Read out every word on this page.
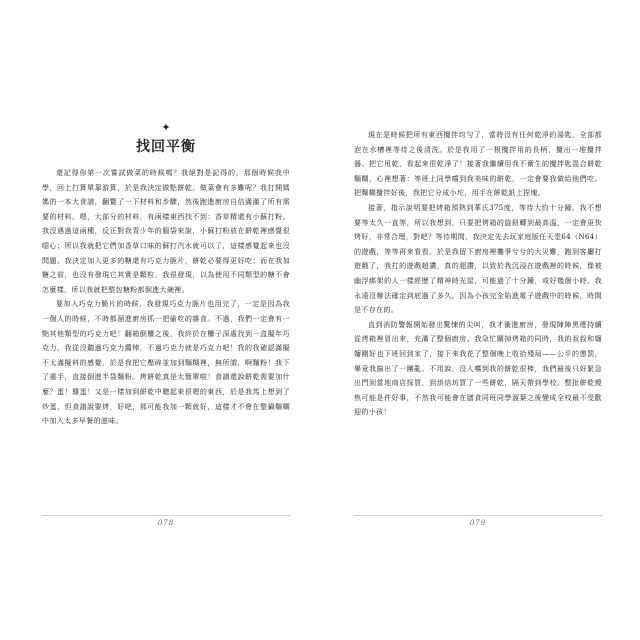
✦
找回平衡

還記得你第一次嘗試做菜的時候嗎？我絕對是記得的，那個時候我中學，回上打算單靠游算，於是我決定做點餅乾。做菜會有多難呢？我打開媽媽的一本大食譜，翻覽了一下材料和步驟，然後跑進廚房自信滿滿了所有需要的材料。嗯，大部分的材料，有兩樣東西找不到：香草精還有小蘇打粉。我沒遇過這兩種，反正對我青少年的腦袋來說，小蘇打粉放在餅乾裡感覺很噁心；所以我就把它們加香草口味的蘇打汽水就可以了，這樣感覺起來也沒問題。我決定加入更多的糖還有巧克力脆片，餅乾必要得更好吃；而在我加糖之前，也沒有發現它其實是顆粒，我很發現，以為使用不同類型的糖不會怎麼樣，所以我就把整包糖粉都倒進大碗裡。

要加入巧克力脆片的時候，我發現巧克力脆片也用完了，一定是因為我一個人的時候，不時都溜進廚房抓一把偷吃的雜食。不過，我們一定會有一點其他類型的巧克力吧！翻箱倒櫃之後，我終於在櫃子深處找到一盒擬年巧克力，我從沒聽過巧克力醬棒，不過巧克力就是巧克力吧！我的我確認滿擬不太滿擬料的感覺，於是我把它壓碎並加到麵糊裡，無所謂，啊麵粉！我下了重手，直接倒進半袋麵粉。烤餅乾真是太簡單啦！食譜還說餅乾需要加什麼？蛋！雞蛋！又是一樣加到餅乾中聰起來很嗯的東西，於是我馬上想到了炒蛋，但食譜說要烤，好吧，那可能我加一顆就好，這樣才不會在整鍋麵糊中加入太多早餐的滋味。

現在是時候把所有東西攪拌均勻了，當時沒有任何乾淨的湯匙，全部都泡在水槽裡等待之後清洗。於是我用了一根攪拌用的長柄，攪出一堆攪拌器。把它甩乾，看起來很乾淨了！接著我繼續用我不衛生的攪拌匙混合餅乾麵糊，心裡想著：等班上同學嚐到我美味的餅乾，一定會要我做給他們吃。把麵糊攪拌好後，我把它分成小坨，用手在餅乾紙上捏塊。

接著，指示說明要把烤箱預熱到華氏375度，等待大約十分鐘。我不想要等太久一直等，所以我想到，只要把烤箱的旋鈕轉到最高溫，一定會更快烤好，非常合理，對吧？等待期間，我決定先去玩家庭版任天堂64（N64）的遊戲，等等再來看看。於是我留下廚房裡攤爭兮兮的大災難，跑到客廳打遊戲了，我打的遊戲超讚，真的超讚，以致於我沉浸在遊戲裡的時候，像被幽浮綁架的人一樣經歷了精神時光屋，可能過了十分鐘，或好幾個小時。我永遠沒辦法確定到底過了多久，因為小孩完全陷進電子遊戲中的時候，時間是不存在的。

直到消防警報開始發出驚悚的尖叫，我才衝進廚房，發現陣陣黑煙持續從烤箱裡冒出來，充滿了整個廚房。我急忙關掉烤箱的同時，我的叔叔和嬸嬸剛好也下班回到家了，接下來我花了整個晚上收拾殘局——公平的懲罰，畢竟我搞出了一團亂。不用說，沒人嚐到我的餅乾很棒，我們最後只好緊急出門到當地商店採買，到烘焙坊買了一些餅乾，隔天帶到學校。整批餅乾燒焦可能是件好事，不然我可能會在膳食同班同學溜葉之後變成全校最不受歡迎的小孩！

078	079
